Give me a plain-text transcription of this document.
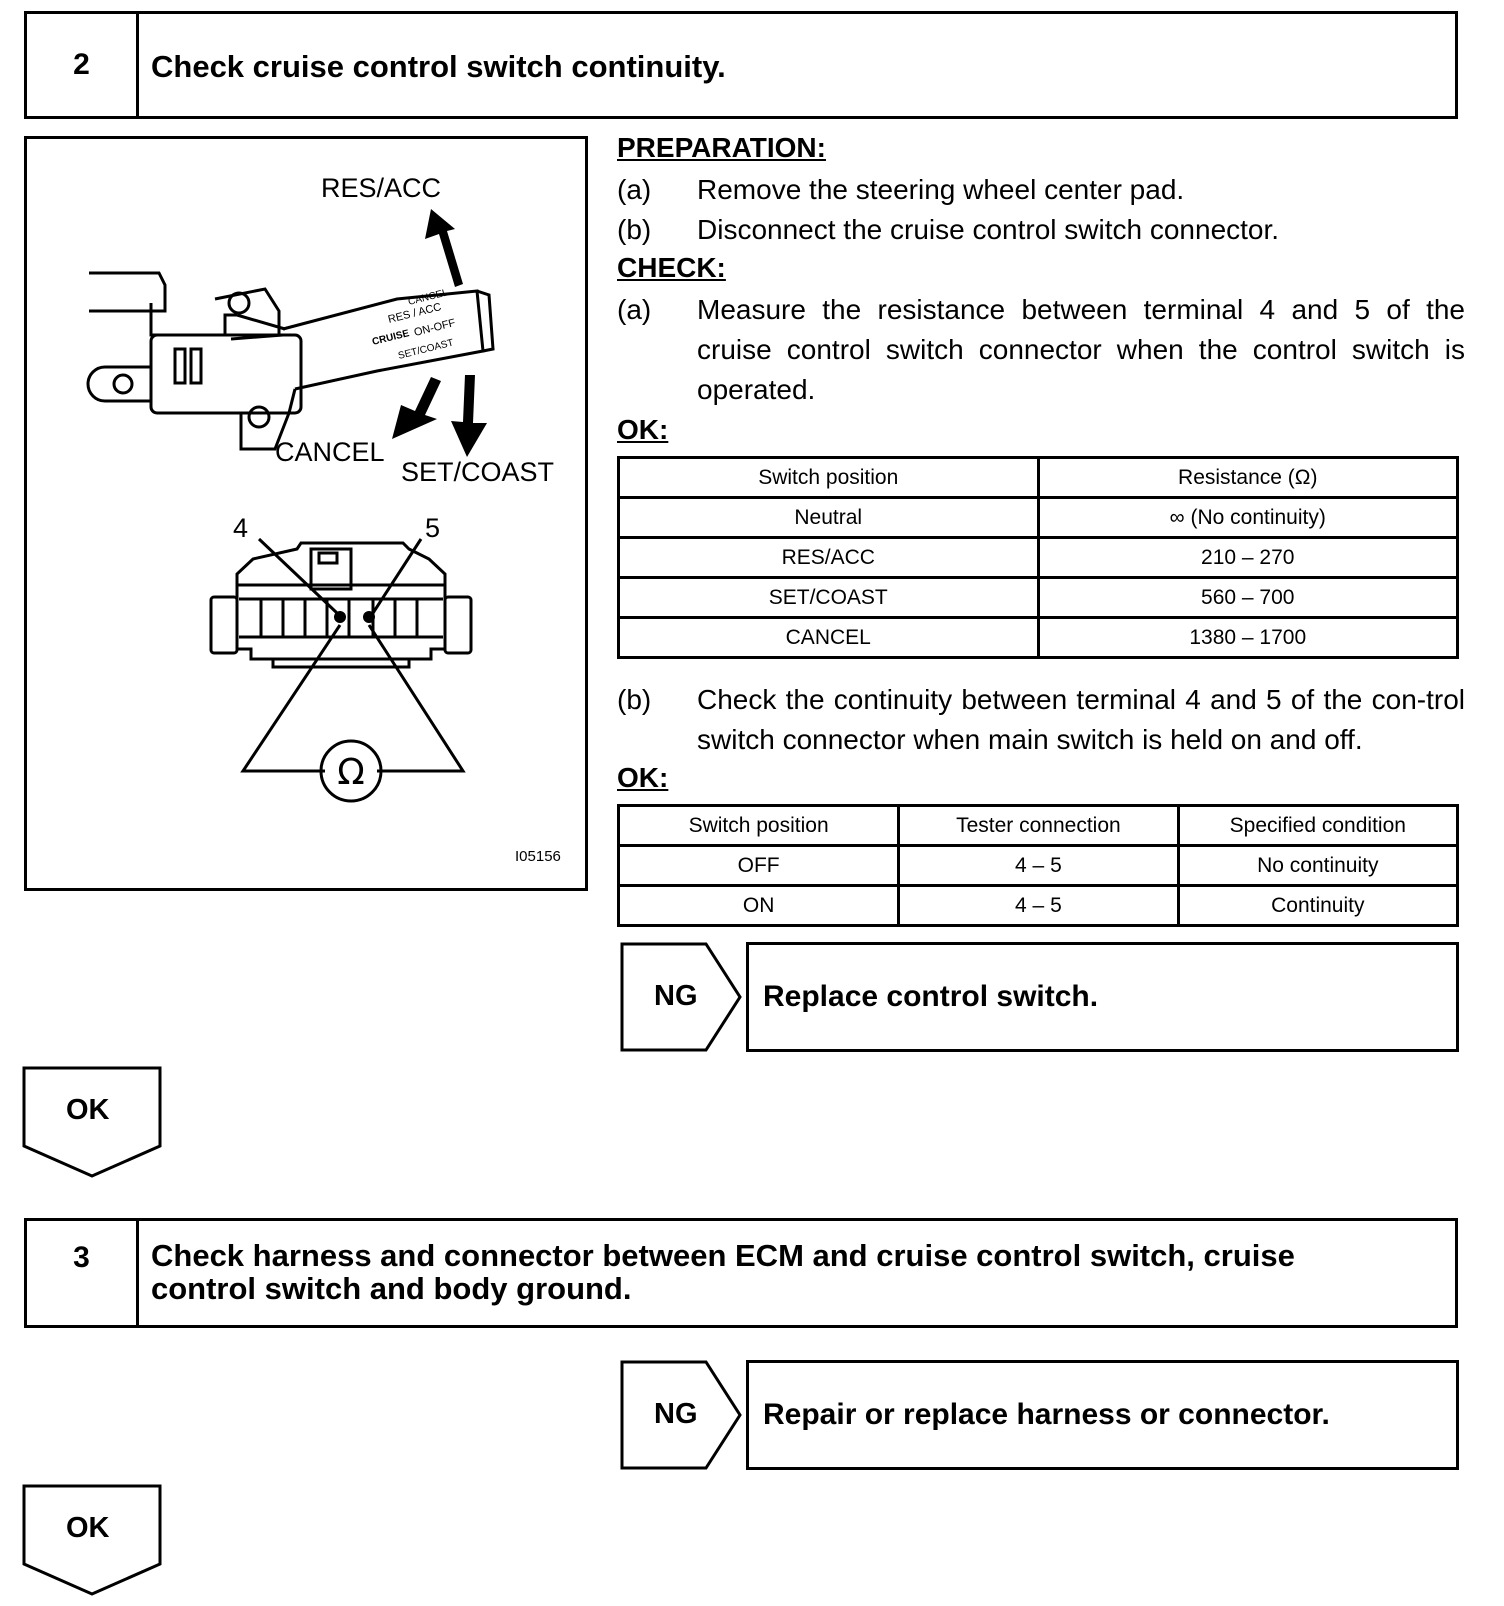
2	Check cruise control switch continuity.
RES/ACC
CANCEL
SET/COAST
CANCEL
RES / ACC
CRUISE ON-OFF
SET/COAST
4	5
Ω
I05156
PREPARATION:
(a) Remove the steering wheel center pad.
(b) Disconnect the cruise control switch connector.
CHECK:
(a) Measure the resistance between terminal 4 and 5 of the cruise control switch connector when the control switch is operated.
OK:
Switch position	Resistance (Ω)
Neutral	∞ (No continuity)
RES/ACC	210 – 270
SET/COAST	560 – 700
CANCEL	1380 – 1700
(b) Check the continuity between terminal 4 and 5 of the con-trol switch connector when main switch is held on and off.
OK:
Switch position	Tester connection	Specified condition
OFF	4 – 5	No continuity
ON	4 – 5	Continuity
NG	Replace control switch.
OK
3	Check harness and connector between ECM and cruise control switch, cruise
control switch and body ground.
NG	Repair or replace harness or connector.
OK
